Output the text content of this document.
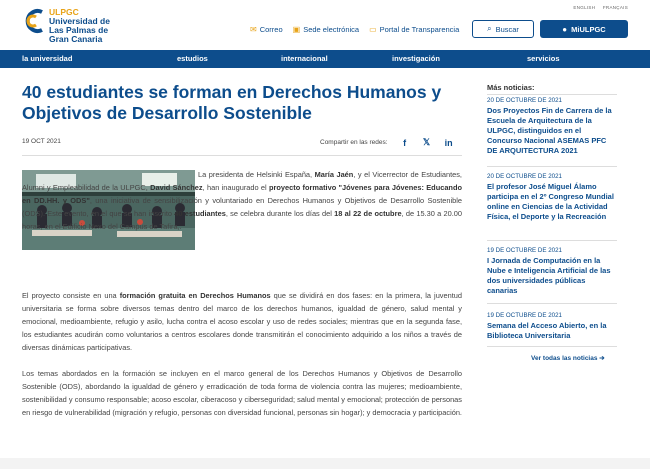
ULPGC
Universidad de
Las Palmas de
Gran Canaria
ENGLISH FRANÇAIS
✉ Correo ▣ Sede electrónica ▭ Portal de Transparencia	⌕ Buscar	● MiULPGC
la universidad	estudios	internacional	investigación	servicios
40 estudiantes se forman en Derechos Humanos y Objetivos de Desarrollo Sostenible
19 OCT 2021	Compartir en las redes:	f	𝕏 in

La presidenta de Helsinki España, María Jaén, y el Vicerrector de Estudiantes, Alumni y Empleabilidad de la ULPGC, David Sánchez, han inaugurado el proyecto formativo "Jóvenes para Jóvenes: Educando en DD.HH. y ODS", una iniciativa de sensibilización y voluntariado en Derechos Humanos y Objetivos de Desarrollo Sostenible (ODS). Este evento, en el que se han inscrito 40 estudiantes, se celebra durante los días del 18 al 22 de octubre, de 15.30 a 20.00 horas, en el Edificio Nexo del Campus de Tafira,.

El proyecto consiste en una formación gratuita en Derechos Humanos que se dividirá en dos fases: en la primera, la juventud universitaria se forma sobre diversos temas dentro del marco de los derechos humanos, igualdad de género, salud mental y emocional, medioambiente, refugio y asilo, lucha contra el acoso escolar y uso de redes sociales; mientras que en la segunda fase, los estudiantes acudirán como voluntarios a centros escolares donde transmitirán el conocimiento adquirido a los niños a través de diversas dinámicas participativas.

Los temas abordados en la formación se incluyen en el marco general de los Derechos Humanos y Objetivos de Desarrollo Sostenible (ODS), abordando la igualdad de género y erradicación de toda forma de violencia contra las mujeres; medioambiente, sostenibilidad y consumo responsable; acoso escolar, ciberacoso y ciberseguridad; salud mental y emocional; protección de personas en riesgo de vulnerabilidad (migración y refugio, personas con diversidad funcional, personas sin hogar); y democracia y participación.

Más noticias:
20 DE OCTUBRE DE 2021
Dos Proyectos Fin de Carrera de la Escuela de Arquitectura de la ULPGC, distinguidos en el Concurso Nacional ASEMAS PFC DE ARQUITECTURA 2021
20 DE OCTUBRE DE 2021
El profesor José Miguel Álamo participa en el 2º Congreso Mundial online en Ciencias de la Actividad Física, el Deporte y la Recreación
19 DE OCTUBRE DE 2021
I Jornada de Computación en la Nube e Inteligencia Artificial de las dos universidades públicas canarias
19 DE OCTUBRE DE 2021
Semana del Acceso Abierto, en la Biblioteca Universitaria
Ver todas las noticias ➔
